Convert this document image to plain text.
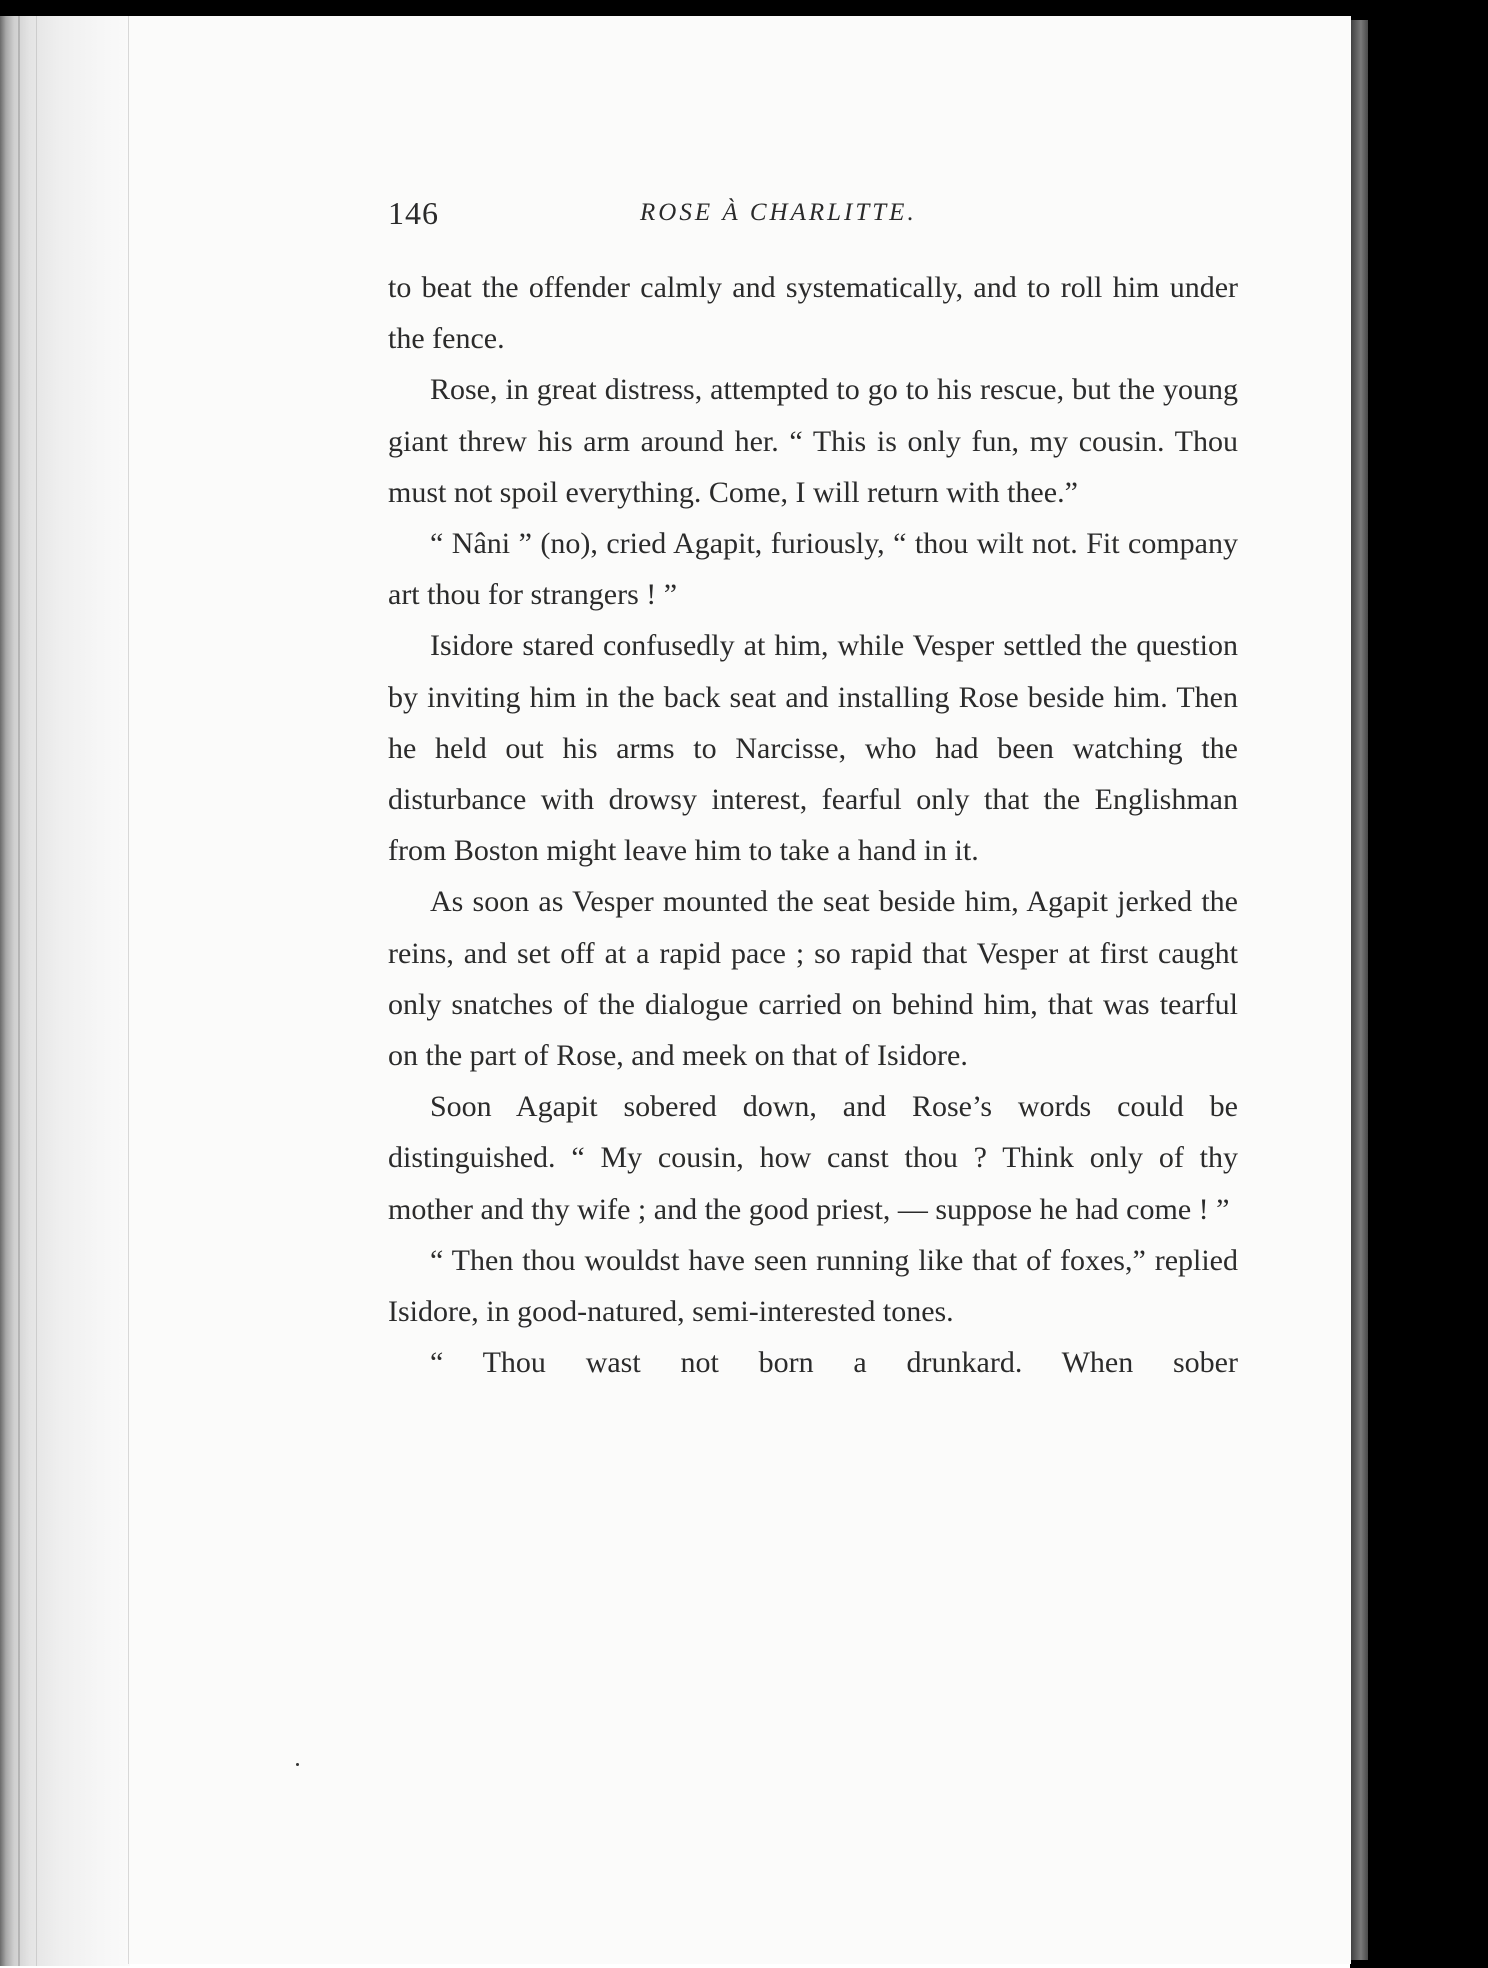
146	ROSE À CHARLITTE.

to beat the offender calmly and systematically, and to roll him under the fence.

Rose, in great distress, attempted to go to his rescue, but the young giant threw his arm around her. “ This is only fun, my cousin. Thou must not spoil everything. Come, I will return with thee.”

“ Nâni ” (no), cried Agapit, furiously, “ thou wilt not. Fit company art thou for strangers ! ”

Isidore stared confusedly at him, while Vesper settled the question by inviting him in the back seat and installing Rose beside him. Then he held out his arms to Narcisse, who had been watching the disturbance with drowsy interest, fearful only that the Englishman from Boston might leave him to take a hand in it.

As soon as Vesper mounted the seat beside him, Agapit jerked the reins, and set off at a rapid pace ; so rapid that Vesper at first caught only snatches of the dialogue carried on behind him, that was tearful on the part of Rose, and meek on that of Isidore.

Soon Agapit sobered down, and Rose’s words could be distinguished. “ My cousin, how canst thou ? Think only of thy mother and thy wife ; and the good priest, — suppose he had come ! ”

“ Then thou wouldst have seen running like that of foxes,” replied Isidore, in good-natured, semi-interested tones.

“ Thou wast not born a drunkard. When sober
